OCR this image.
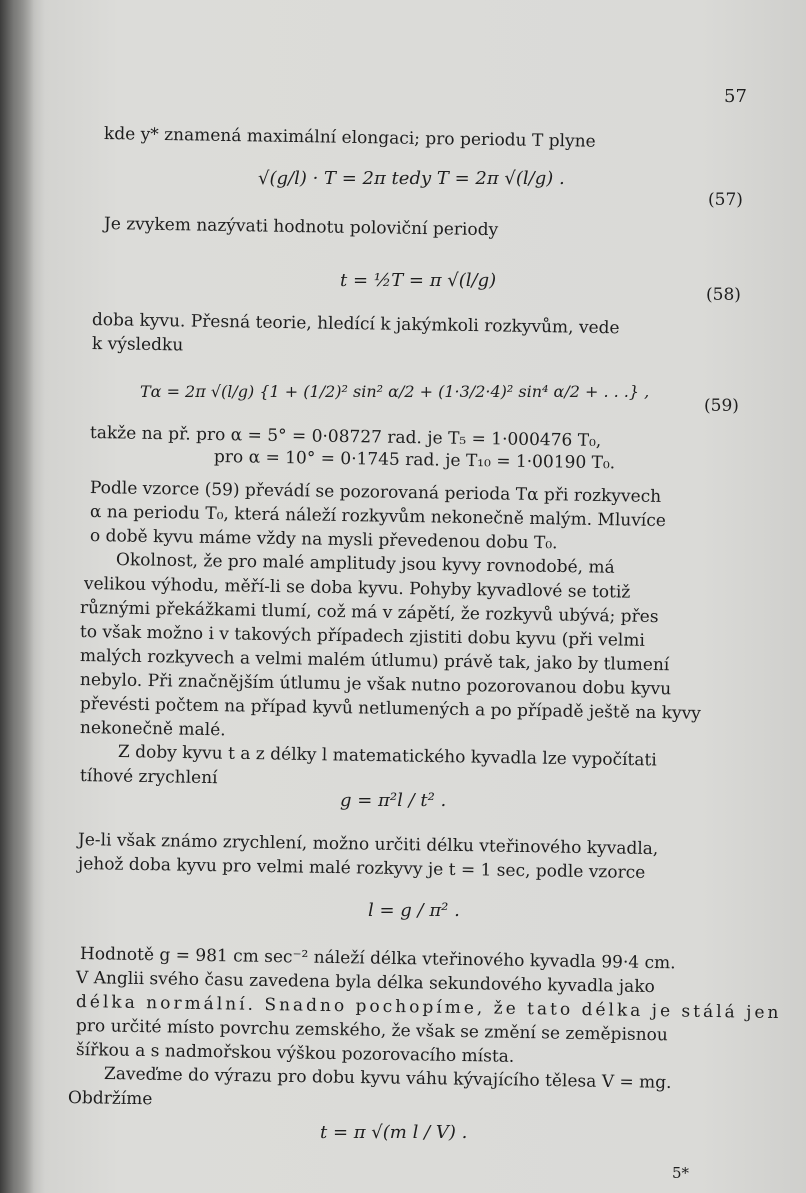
57
kde y* znamená maximální elongaci; pro periodu T plyne
√(g/l) · T = 2π tedy T = 2π √(l/g) .
(57)
Je zvykem nazývati hodnotu poloviční periody
t = ½T = π √(l/g)
(58)
doba kyvu. Přesná teorie, hledící k jakýmkoli rozkyvům, vede
k výsledku
Tα = 2π √(l/g) {1 + (1/2)² sin² α/2 + (1·3/2·4)² sin⁴ α/2 + . . .} ,
(59)
takže na př. pro α = 5° = 0·08727 rad. je T₅ = 1·000476 T₀,
pro α = 10° = 0·1745 rad. je T₁₀ = 1·00190 T₀.
Podle vzorce (59) převádí se pozorovaná perioda Tα při rozkyvech
α na periodu T₀, která náleží rozkyvům nekonečně malým. Mluvíce
o době kyvu máme vždy na mysli převedenou dobu T₀.
Okolnost, že pro malé amplitudy jsou kyvy rovnodobé, má
velikou výhodu, měří-li se doba kyvu. Pohyby kyvadlové se totiž
různými překážkami tlumí, což má v zápětí, že rozkyvů ubývá; přes
to však možno i v takových případech zjistiti dobu kyvu (při velmi
malých rozkyvech a velmi malém útlumu) právě tak, jako by tlumení
nebylo. Při značnějším útlumu je však nutno pozorovanou dobu kyvu
převésti počtem na případ kyvů netlumených a po případě ještě na kyvy
nekonečně malé.
Z doby kyvu t a z délky l matematického kyvadla lze vypočítati
tíhové zrychlení
g = π²l / t² .
Je-li však známo zrychlení, možno určiti délku vteřinového kyvadla,
jehož doba kyvu pro velmi malé rozkyvy je t = 1 sec, podle vzorce
l = g / π² .
Hodnotě g = 981 cm sec⁻² náleží délka vteřinového kyvadla 99·4 cm.
V Anglii svého času zavedena byla délka sekundového kyvadla jako
délka normální. Snadno pochopíme, že tato délka je stálá jen
pro určité místo povrchu zemského, že však se změní se zeměpisnou
šířkou a s nadmořskou výškou pozorovacího místa.
Zaveďme do výrazu pro dobu kyvu váhu kývajícího tělesa V = mg.
Obdržíme
t = π √(m l / V) .
5*
